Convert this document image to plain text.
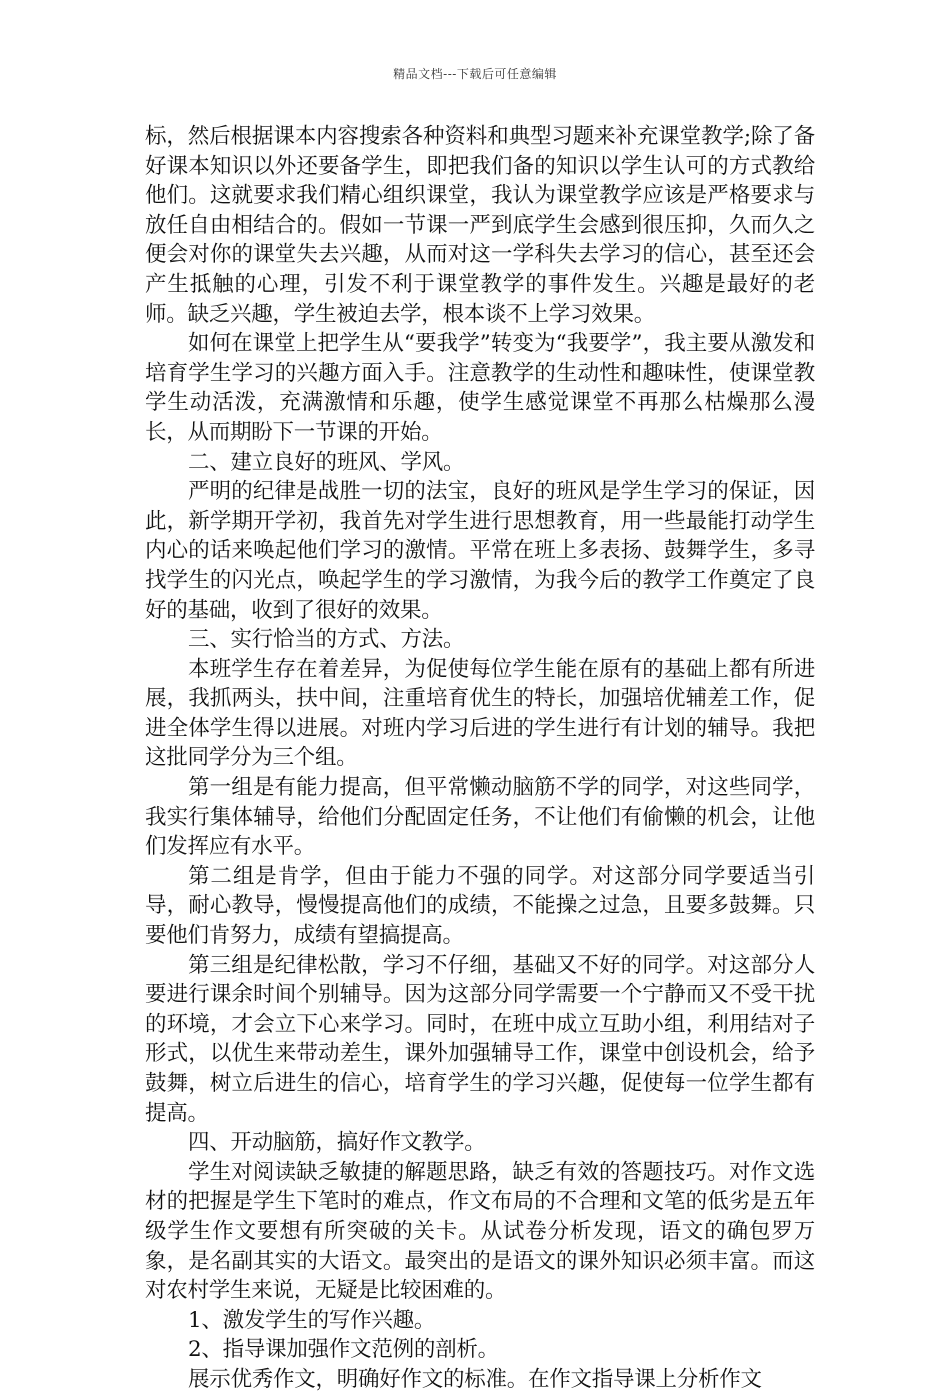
精品文档---下载后可任意编辑

标，然后根据课本内容搜索各种资料和典型习题来补充课堂教学;除了备好课本知识以外还要备学生，即把我们备的知识以学生认可的方式教给他们。这就要求我们精心组织课堂，我认为课堂教学应该是严格要求与放任自由相结合的。假如一节课一严到底学生会感到很压抑，久而久之便会对你的课堂失去兴趣，从而对这一学科失去学习的信心，甚至还会产生抵触的心理，引发不利于课堂教学的事件发生。兴趣是最好的老师。缺乏兴趣，学生被迫去学，根本谈不上学习效果。

如何在课堂上把学生从“要我学”转变为“我要学”，我主要从激发和培育学生学习的兴趣方面入手。注意教学的生动性和趣味性，使课堂教学生动活泼，充满激情和乐趣，使学生感觉课堂不再那么枯燥那么漫长，从而期盼下一节课的开始。

二、建立良好的班风、学风。

严明的纪律是战胜一切的法宝，良好的班风是学生学习的保证，因此，新学期开学初，我首先对学生进行思想教育，用一些最能打动学生内心的话来唤起他们学习的激情。平常在班上多表扬、鼓舞学生，多寻找学生的闪光点，唤起学生的学习激情，为我今后的教学工作奠定了良好的基础，收到了很好的效果。

三、实行恰当的方式、方法。

本班学生存在着差异，为促使每位学生能在原有的基础上都有所进展，我抓两头，扶中间，注重培育优生的特长，加强培优辅差工作，促进全体学生得以进展。对班内学习后进的学生进行有计划的辅导。我把这批同学分为三个组。

第一组是有能力提高，但平常懒动脑筋不学的同学，对这些同学，我实行集体辅导，给他们分配固定任务，不让他们有偷懒的机会，让他们发挥应有水平。

第二组是肯学，但由于能力不强的同学。对这部分同学要适当引导，耐心教导，慢慢提高他们的成绩，不能操之过急，且要多鼓舞。只要他们肯努力，成绩有望搞提高。

第三组是纪律松散，学习不仔细，基础又不好的同学。对这部分人要进行课余时间个别辅导。因为这部分同学需要一个宁静而又不受干扰的环境，才会立下心来学习。同时，在班中成立互助小组，利用结对子形式，以优生来带动差生，课外加强辅导工作，课堂中创设机会，给予鼓舞，树立后进生的信心，培育学生的学习兴趣，促使每一位学生都有提高。

四、开动脑筋，搞好作文教学。

学生对阅读缺乏敏捷的解题思路，缺乏有效的答题技巧。对作文选材的把握是学生下笔时的难点，作文布局的不合理和文笔的低劣是五年级学生作文要想有所突破的关卡。从试卷分析发现，语文的确包罗万象，是名副其实的大语文。最突出的是语文的课外知识必须丰富。而这对农村学生来说，无疑是比较困难的。

1、激发学生的写作兴趣。

2、指导课加强作文范例的剖析。

展示优秀作文，明确好作文的标准。在作文指导课上分析作文
